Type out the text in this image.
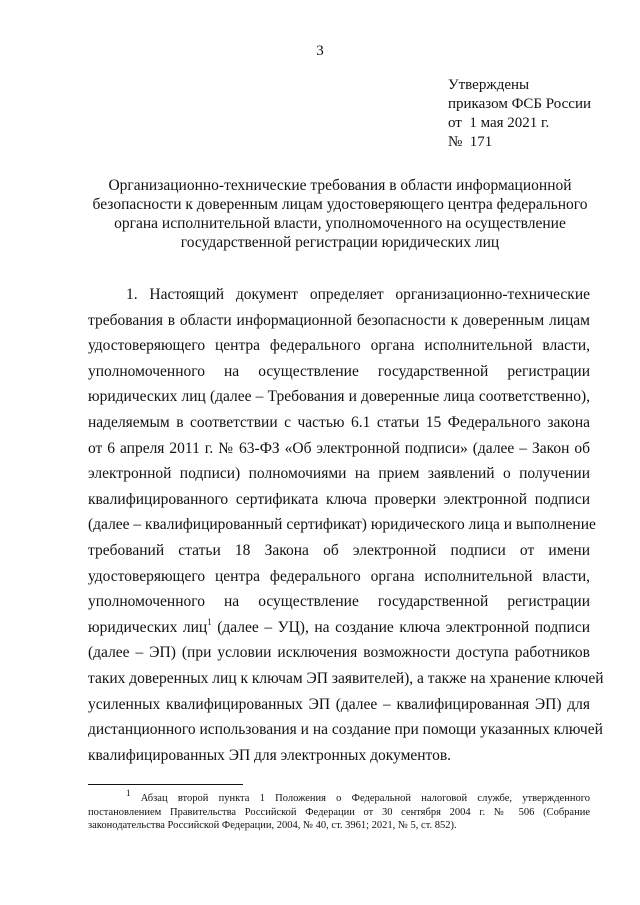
3
Утверждены
приказом ФСБ России
от  1 мая 2021 г.
№  171
Организационно-технические требования в области информационной
безопасности к доверенным лицам удостоверяющего центра федерального
органа исполнительной власти, уполномоченного на осуществление
государственной регистрации юридических лиц
1. Настоящий документ определяет организационно-технические
требования в области информационной безопасности к доверенным лицам
удостоверяющего центра федерального органа исполнительной власти,
уполномоченного на осуществление государственной регистрации
юридических лиц (далее – Требования и доверенные лица соответственно),
наделяемым в соответствии с частью 6.1 статьи 15 Федерального закона
от 6 апреля 2011 г. № 63-ФЗ «Об электронной подписи» (далее – Закон об
электронной подписи) полномочиями на прием заявлений о получении
квалифицированного сертификата ключа проверки электронной подписи
(далее – квалифицированный сертификат) юридического лица и выполнение
требований статьи 18 Закона об электронной подписи от имени
удостоверяющего центра федерального органа исполнительной власти,
уполномоченного на осуществление государственной регистрации
юридических лиц$^1$ (далее – УЦ), на создание ключа электронной подписи
(далее – ЭП) (при условии исключения возможности доступа работников
таких доверенных лиц к ключам ЭП заявителей), а также на хранение ключей
усиленных квалифицированных ЭП (далее – квалифицированная ЭП) для
дистанционного использования и на создание при помощи указанных ключей
квалифицированных ЭП для электронных документов.
$^1$ Абзац второй пункта 1 Положения о Федеральной налоговой службе, утвержденного
постановлением Правительства Российской Федерации от 30 сентября 2004 г. № 506 (Собрание
законодательства Российской Федерации, 2004, № 40, ст. 3961; 2021, № 5, ст. 852).
